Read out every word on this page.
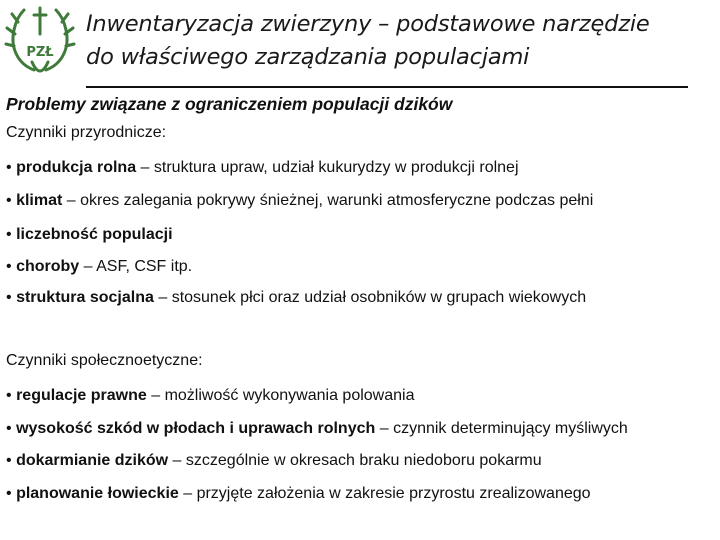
PZŁ
Inwentaryzacja zwierzyny – podstawowe narzędzie
do właściwego zarządzania populacjami
Problemy związane z ograniczeniem populacji dzików
Czynniki przyrodnicze:
• produkcja rolna – struktura upraw, udział kukurydzy w produkcji rolnej
• klimat – okres zalegania pokrywy śnieżnej, warunki atmosferyczne podczas pełni
• liczebność populacji
• choroby – ASF, CSF itp.
• struktura socjalna – stosunek płci oraz udział osobników w grupach wiekowych
Czynniki społecznoetyczne:
• regulacje prawne – możliwość wykonywania polowania
• wysokość szkód w płodach i uprawach rolnych – czynnik determinujący myśliwych
• dokarmianie dzików – szczególnie w okresach braku niedoboru pokarmu
• planowanie łowieckie – przyjęte założenia w zakresie przyrostu zrealizowanego
